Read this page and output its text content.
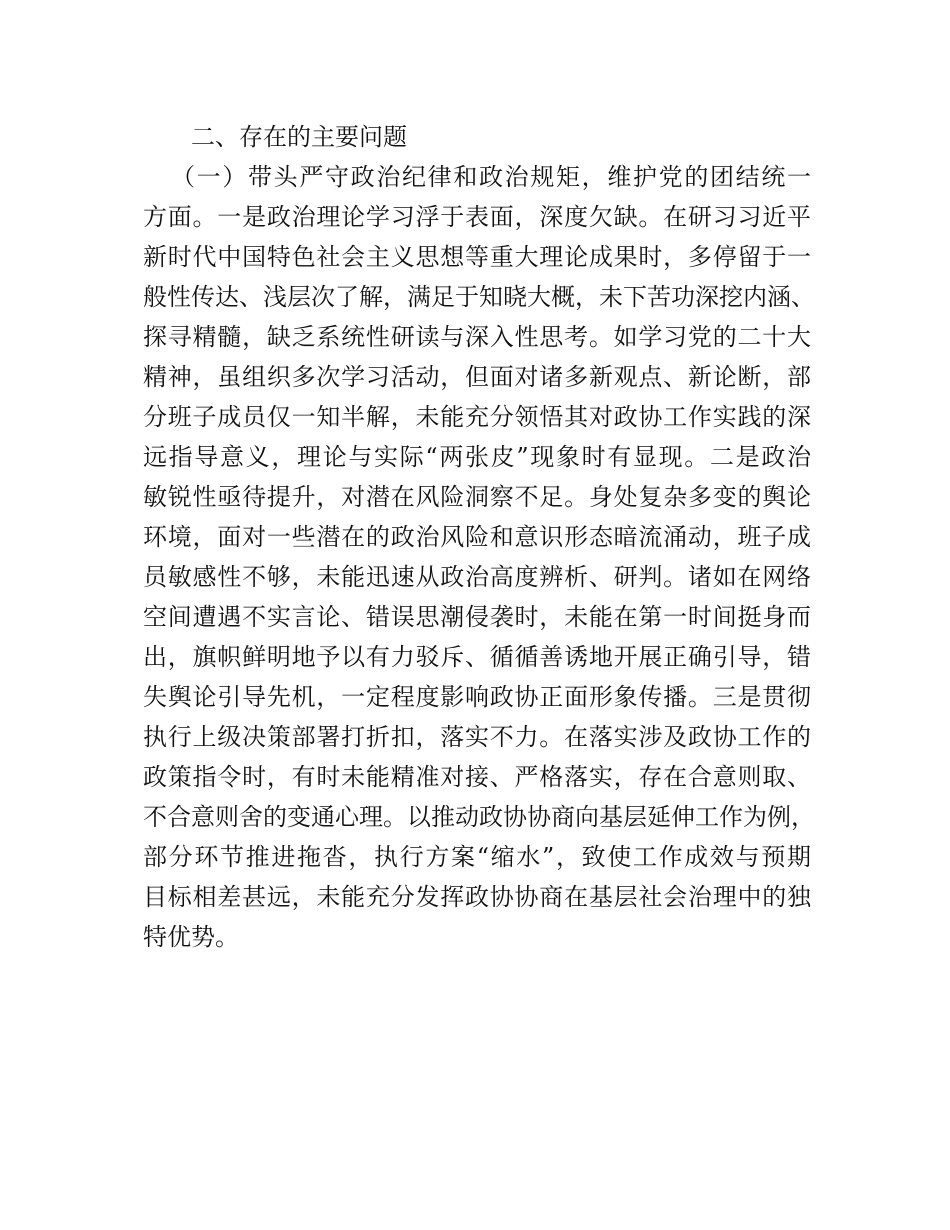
二、存在的主要问题
（一）带头严守政治纪律和政治规矩，维护党的团结统一
方面。一是政治理论学习浮于表面，深度欠缺。在研习习近平
新时代中国特色社会主义思想等重大理论成果时，多停留于一
般性传达、浅层次了解，满足于知晓大概，未下苦功深挖内涵、
探寻精髓，缺乏系统性研读与深入性思考。如学习党的二十大
精神，虽组织多次学习活动，但面对诸多新观点、新论断，部
分班子成员仅一知半解，未能充分领悟其对政协工作实践的深
远指导意义，理论与实际“两张皮”现象时有显现。二是政治
敏锐性亟待提升，对潜在风险洞察不足。身处复杂多变的舆论
环境，面对一些潜在的政治风险和意识形态暗流涌动，班子成
员敏感性不够，未能迅速从政治高度辨析、研判。诸如在网络
空间遭遇不实言论、错误思潮侵袭时，未能在第一时间挺身而
出，旗帜鲜明地予以有力驳斥、循循善诱地开展正确引导，错
失舆论引导先机，一定程度影响政协正面形象传播。三是贯彻
执行上级决策部署打折扣，落实不力。在落实涉及政协工作的
政策指令时，有时未能精准对接、严格落实，存在合意则取、
不合意则舍的变通心理。以推动政协协商向基层延伸工作为例，
部分环节推进拖沓，执行方案“缩水”，致使工作成效与预期
目标相差甚远，未能充分发挥政协协商在基层社会治理中的独
特优势。
